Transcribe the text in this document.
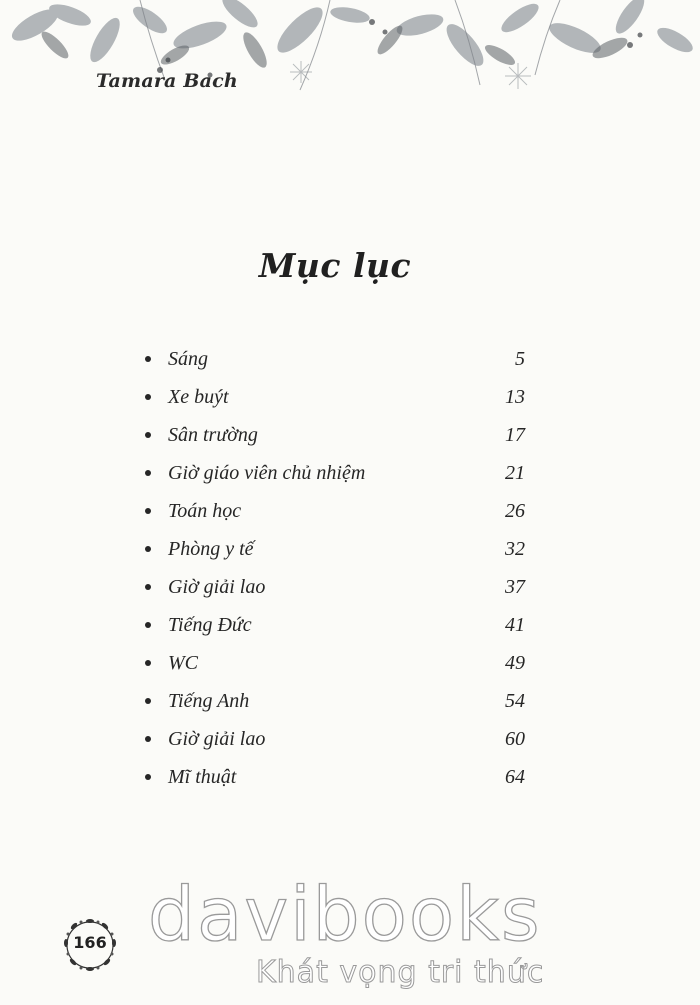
Tamara Bach
Mục lục
Sáng	5
Xe buýt	13
Sân trường	17
Giờ giáo viên chủ nhiệm	21
Toán học	26
Phòng y tế	32
Giờ giải lao	37
Tiếng Đức	41
WC	49
Tiếng Anh	54
Giờ giải lao	60
Mĩ thuật	64
166 davibooks
Khát vọng tri thức
